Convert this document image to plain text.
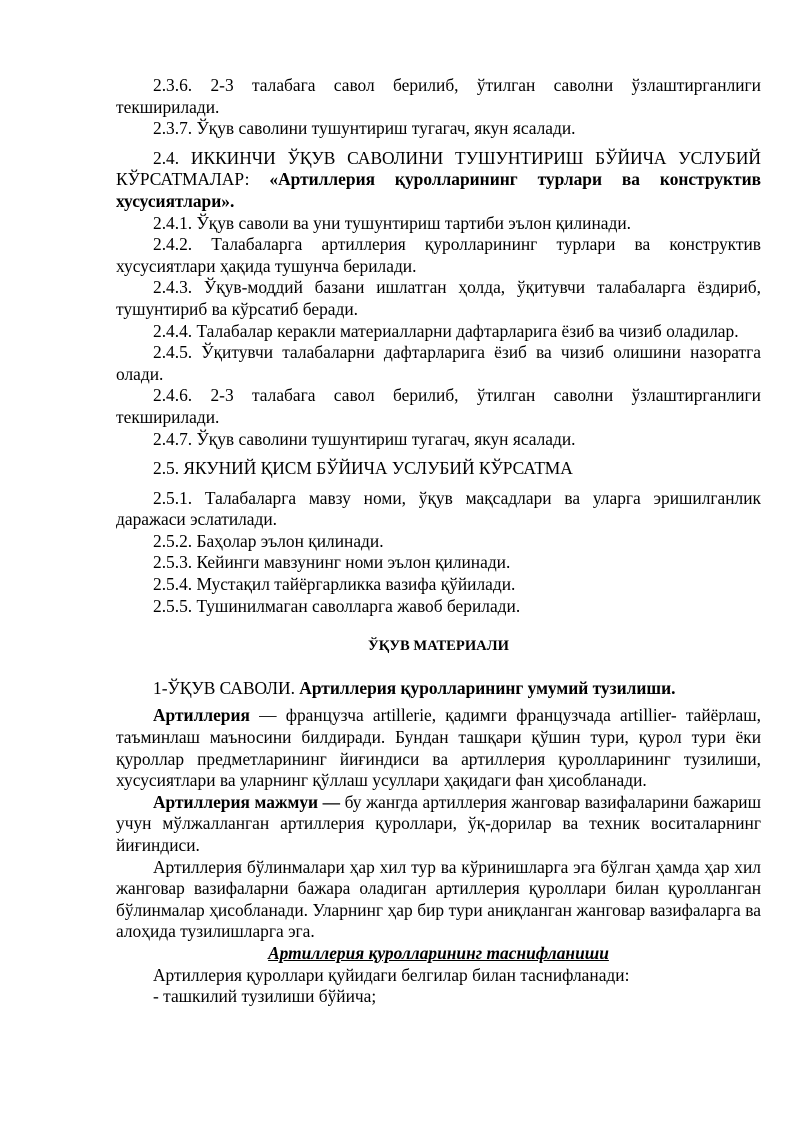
2.3.6. 2-3 талабага савол берилиб, ўтилган саволни ўзлаштирганлиги текширилади.

2.3.7. Ўқув саволини тушунтириш тугагач, якун ясалади.

2.4. ИККИНЧИ ЎҚУВ САВОЛИНИ ТУШУНТИРИШ БЎЙИЧА УСЛУБИЙ КЎРСАТМАЛАР: «Артиллерия қуролларининг турлари ва конструктив хусусиятлари».

2.4.1. Ўқув саволи ва уни тушунтириш тартиби эълон қилинади.

2.4.2. Талабаларга артиллерия қуролларининг турлари ва конструктив хусусиятлари ҳақида тушунча берилади.

2.4.3. Ўқув-моддий базани ишлатган ҳолда, ўқитувчи талабаларга ёздириб, тушунтириб ва кўрсатиб беради.

2.4.4. Талабалар керакли материалларни дафтарларига ёзиб ва чизиб оладилар.

2.4.5. Ўқитувчи талабаларни дафтарларига ёзиб ва чизиб олишини назоратга олади.

2.4.6. 2-3 талабага савол берилиб, ўтилган саволни ўзлаштирганлиги текширилади.

2.4.7. Ўқув саволини тушунтириш тугагач, якун ясалади.

2.5. ЯКУНИЙ ҚИСМ БЎЙИЧА УСЛУБИЙ КЎРСАТМА

2.5.1. Талабаларга мавзу номи, ўқув мақсадлари ва уларга эришилганлик даражаси эслатилади.

2.5.2. Баҳолар эълон қилинади.

2.5.3. Кейинги мавзунинг номи эълон қилинади.

2.5.4. Мустақил тайёргарликка вазифа қўйилади.

2.5.5. Тушинилмаган саволларга жавоб берилади.

ЎҚУВ МАТЕРИАЛИ

1-ЎҚУВ САВОЛИ. Артиллерия қуролларининг умумий тузилиши.

Артиллерия — французча artillerie, қадимги французчада artillier- тайёрлаш, таъминлаш маъносини билдиради. Бундан ташқари қўшин тури, қурол тури ёки қуроллар предметларининг йиғиндиси ва артиллерия қуролларининг тузилиши, хусусиятлари ва уларнинг қўллаш усуллари ҳақидаги фан ҳисобланади.

Артиллерия мажмуи — бу жангда артиллерия жанговар вазифаларини бажариш учун мўлжалланган артиллерия қуроллари, ўқ-дорилар ва техник воситаларнинг йиғиндиси.

Артиллерия бўлинмалари ҳар хил тур ва кўринишларга эга бўлган ҳамда ҳар хил жанговар вазифаларни бажара оладиган артиллерия қуроллари билан қуролланган бўлинмалар ҳисобланади. Уларнинг ҳар бир тури аниқланган жанговар вазифаларга ва алоҳида тузилишларга эга.

Артиллерия қуролларининг таснифланиши

Артиллерия қуроллари қуйидаги белгилар билан таснифланади:

- ташкилий тузилиши бўйича;
